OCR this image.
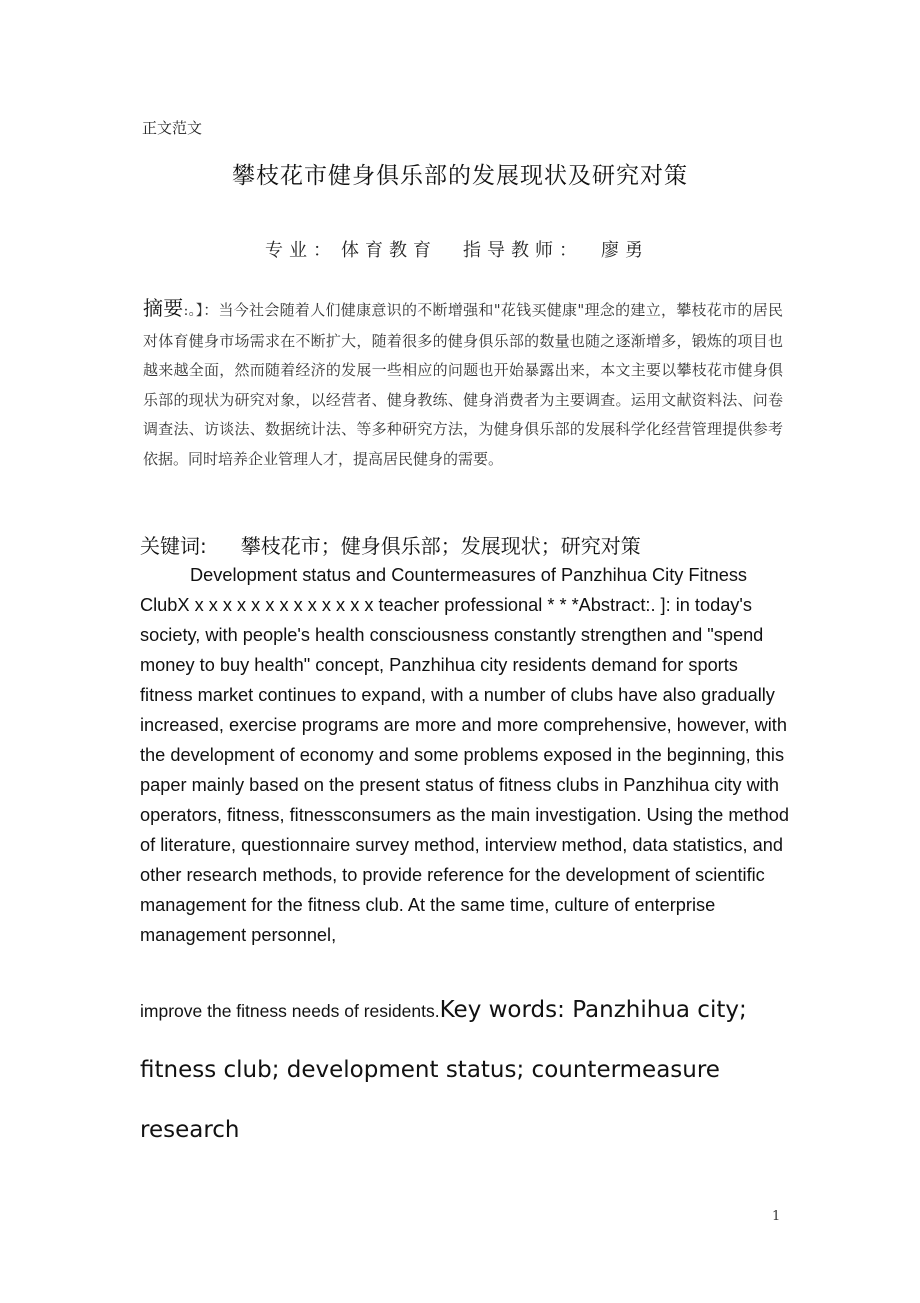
正文范文
攀枝花市健身俱乐部的发展现状及研究对策
专业： 体育教育 指导教师： 廖勇
摘要:。】：当今社会随着人们健康意识的不断增强和"花钱买健康"理念的建立，攀枝花市的居民对体育健身市场需求在不断扩大，随着很多的健身俱乐部的数量也随之逐渐增多，锻炼的项目也越来越全面，然而随着经济的发展一些相应的问题也开始暴露出来，本文主要以攀枝花市健身俱乐部的现状为研究对象，以经营者、健身教练、健身消费者为主要调查。运用文献资料法、问卷调查法、访谈法、数据统计法、等多种研究方法，为健身俱乐部的发展科学化经营管理提供参考依据。同时培养企业管理人才，提高居民健身的需要。
关键词: 攀枝花市；健身俱乐部；发展现状；研究对策
Development status and Countermeasures of Panzhihua City Fitness ClubX x x x x x x x x x x x x x teacher professional * * *Abstract:. ]: in today's society, with people's health consciousness constantly strengthen and "spend money to buy health" concept, Panzhihua city residents demand for sports fitness market continues to expand, with a number of clubs have also gradually increased, exercise programs are more and more comprehensive, however, with the development of economy and some problems exposed in the beginning, this paper mainly based on the present status of fitness clubs in Panzhihua city with operators, fitness, fitnessconsumers as the main investigation. Using the method of literature, questionnaire survey method, interview method, data statistics, and other research methods, to provide reference for the development of scientific management for the fitness club. At the same time, culture of enterprise management personnel,
improve the fitness needs of residents.Key words: Panzhihua city;
fitness club; development status; countermeasure
research
1
